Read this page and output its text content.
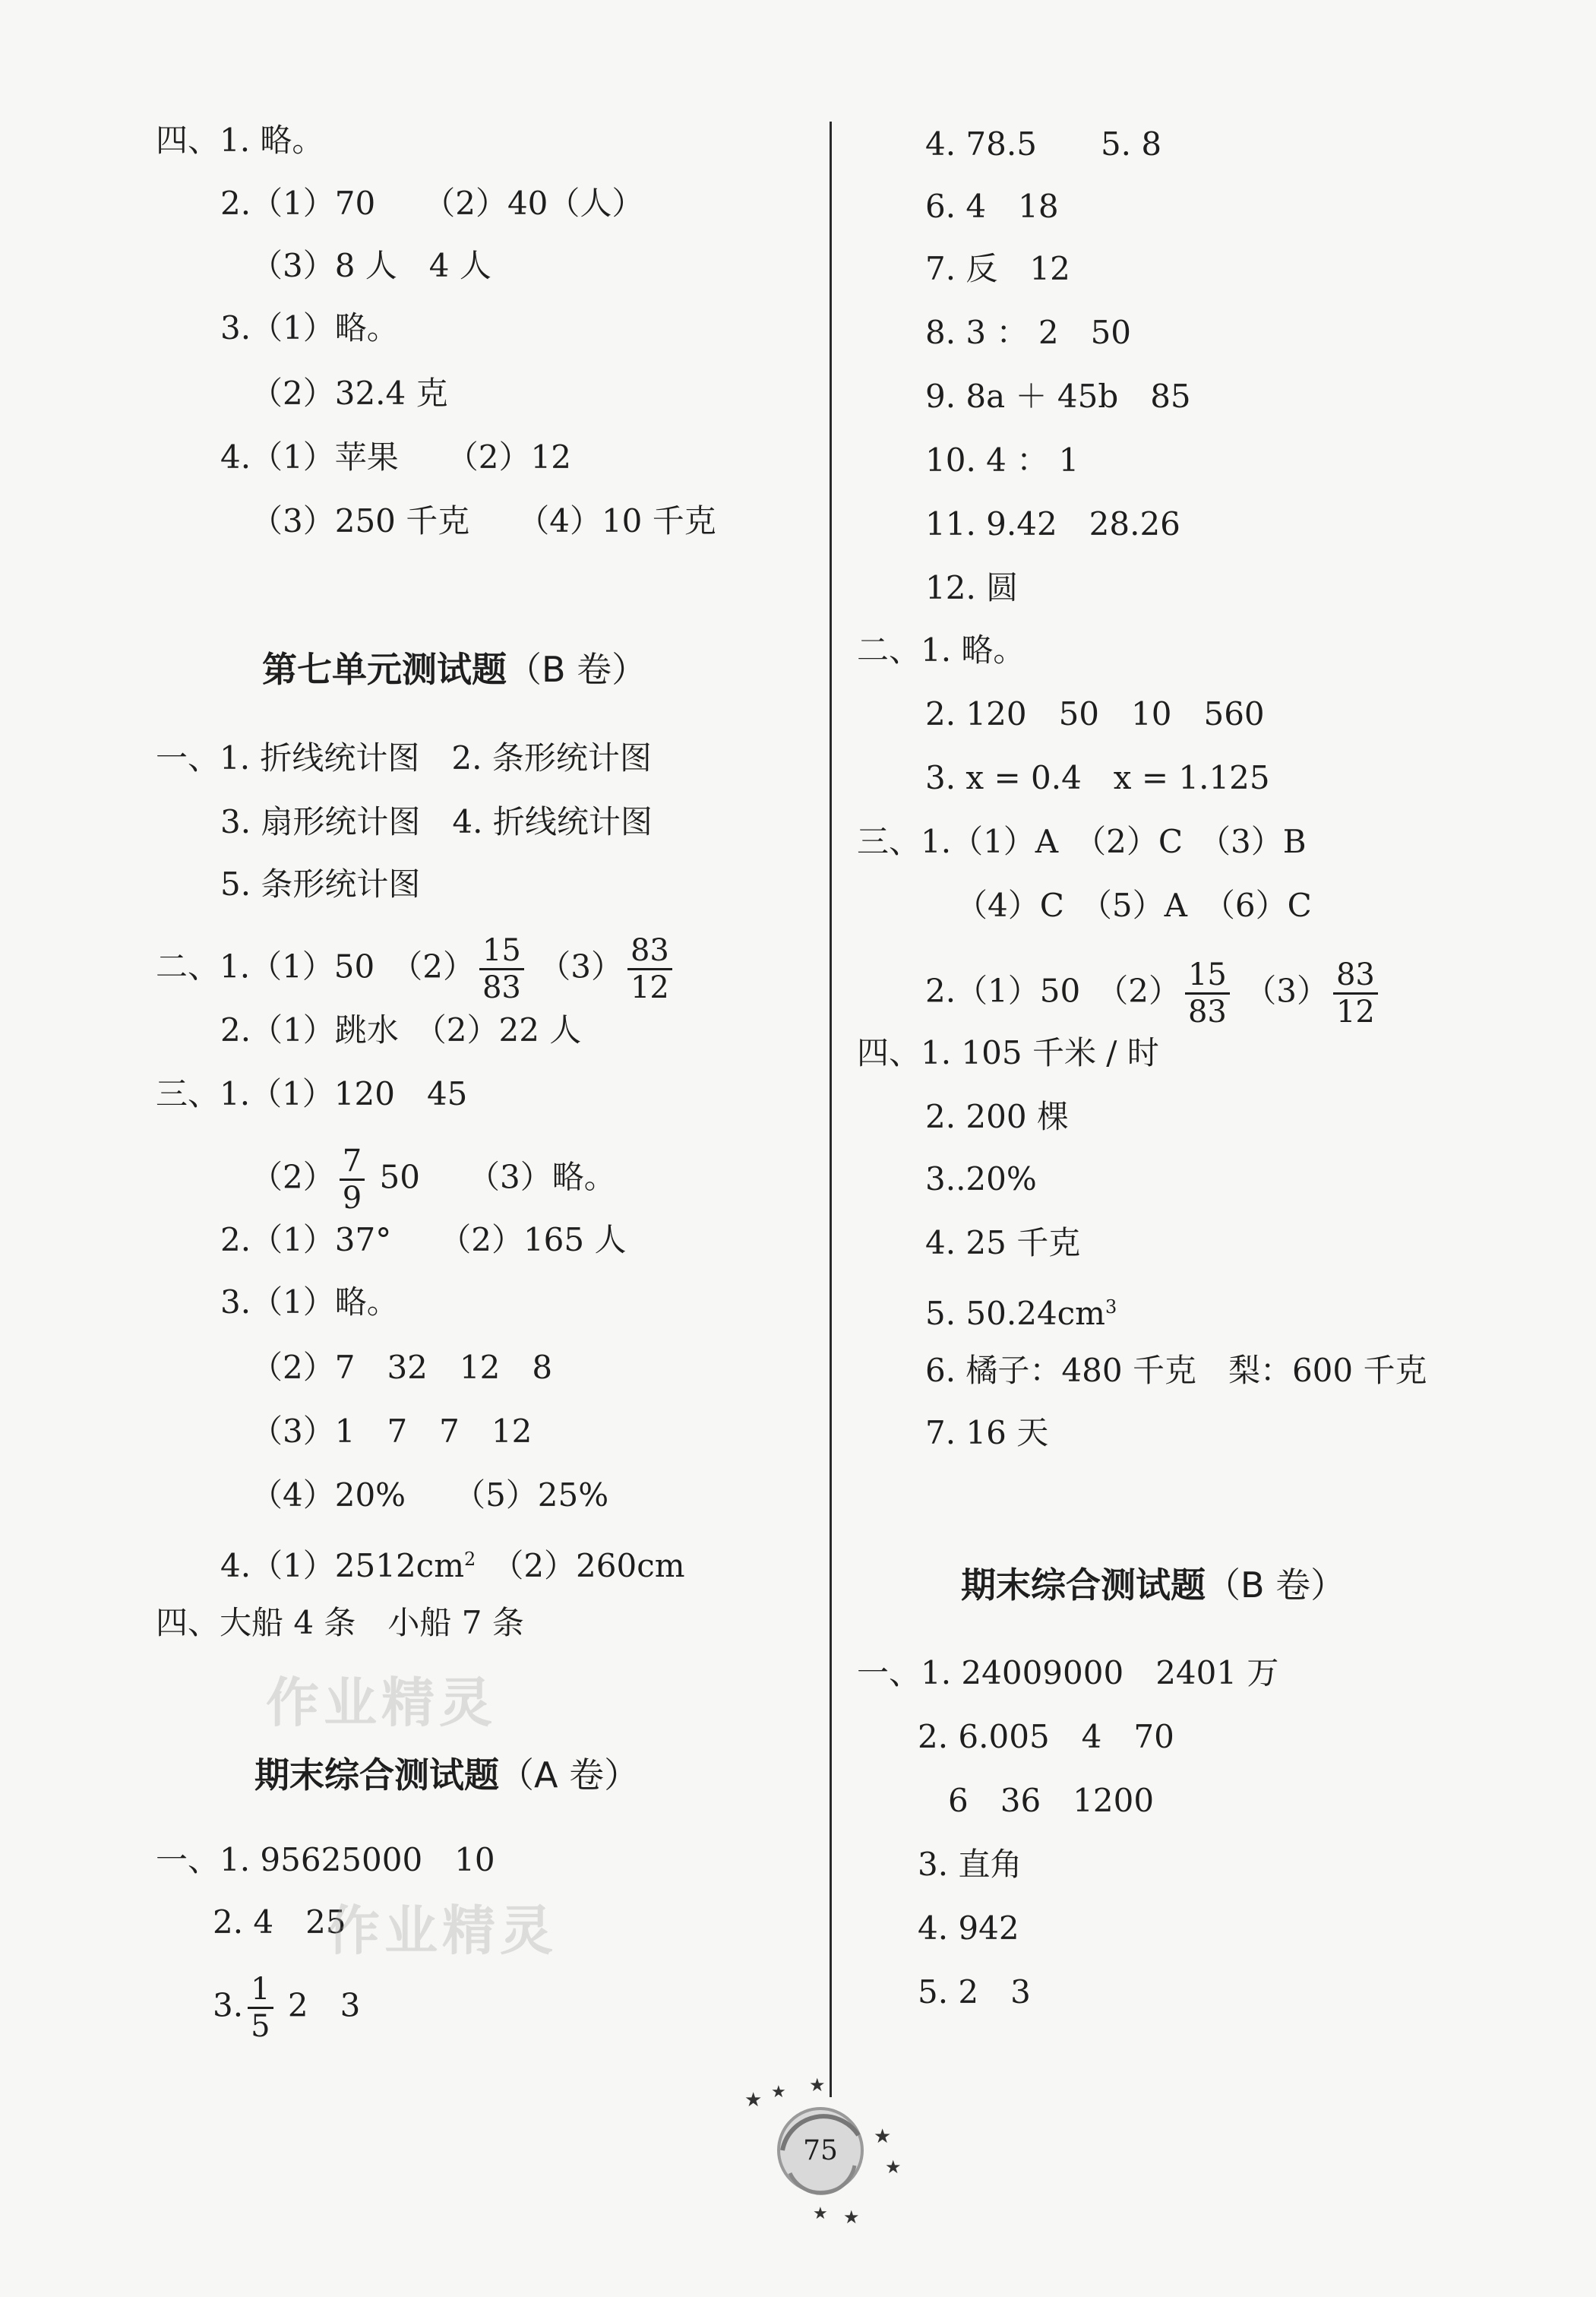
四、1. 略。
2.（1）70　　（2）40（人）
（3）8 人　4 人
3.（1）略。
（2）32.4 克
4.（1）苹果　　（2）12
（3）250 千克　　（4）10 千克
第七单元测试题（B 卷）
一、1. 折线统计图　2. 条形统计图
3. 扇形统计图　4. 折线统计图
5. 条形统计图
二、1.（1）50　$(2) \frac{15}{83} (3) \frac{83}{12}$
2.（1）跳水　（2）22 人
三、1.（1）120　45
$(2) \frac{7}{9} 50$　　（3）略。
2.（1）37°　　（2）165 人
3.（1）略。
（2）7　32　12　8
（3）1　7　7　12
（4）20%　　（5）25%
$4.(1)2512cm^2$　（2）260cm
四、大船 4 条　小船 7 条
作业精灵
期末综合测试题（A 卷）
一、1. 95625000　10
2. 4　25
作业精灵
3. $\frac{1}{5} 2$　3
4. 78.5　　5. 8
6. 4　18
7. 反　12
8. 3 ： 2　50
9. 8a ＋ 45b　85
10. 4 ： 1
11. 9.42　28.26
12. 圆
二、1. 略。
2. 120　50　10　560
3. x = 0.4　x = 1.125
三、1.（1）A　（2）C　（3）B
（4）C　（5）A　（6）C
2.（1）50　$(2) \frac{15}{83} (3) \frac{83}{12}$
四、1. 105 千米 / 时
2. 200 棵
3..20%
4. 25 千克
5. $50.24cm^3$
6. 橘子：480 千克　梨：600 千克
7. 16 天
期末综合测试题（B 卷）
一、1. 24009000　2401 万
2. 6.005　4　70
6　36　1200
3. 直角
4. 942
5. 2　3
★ ★ ★
★
★
★ ★
75
